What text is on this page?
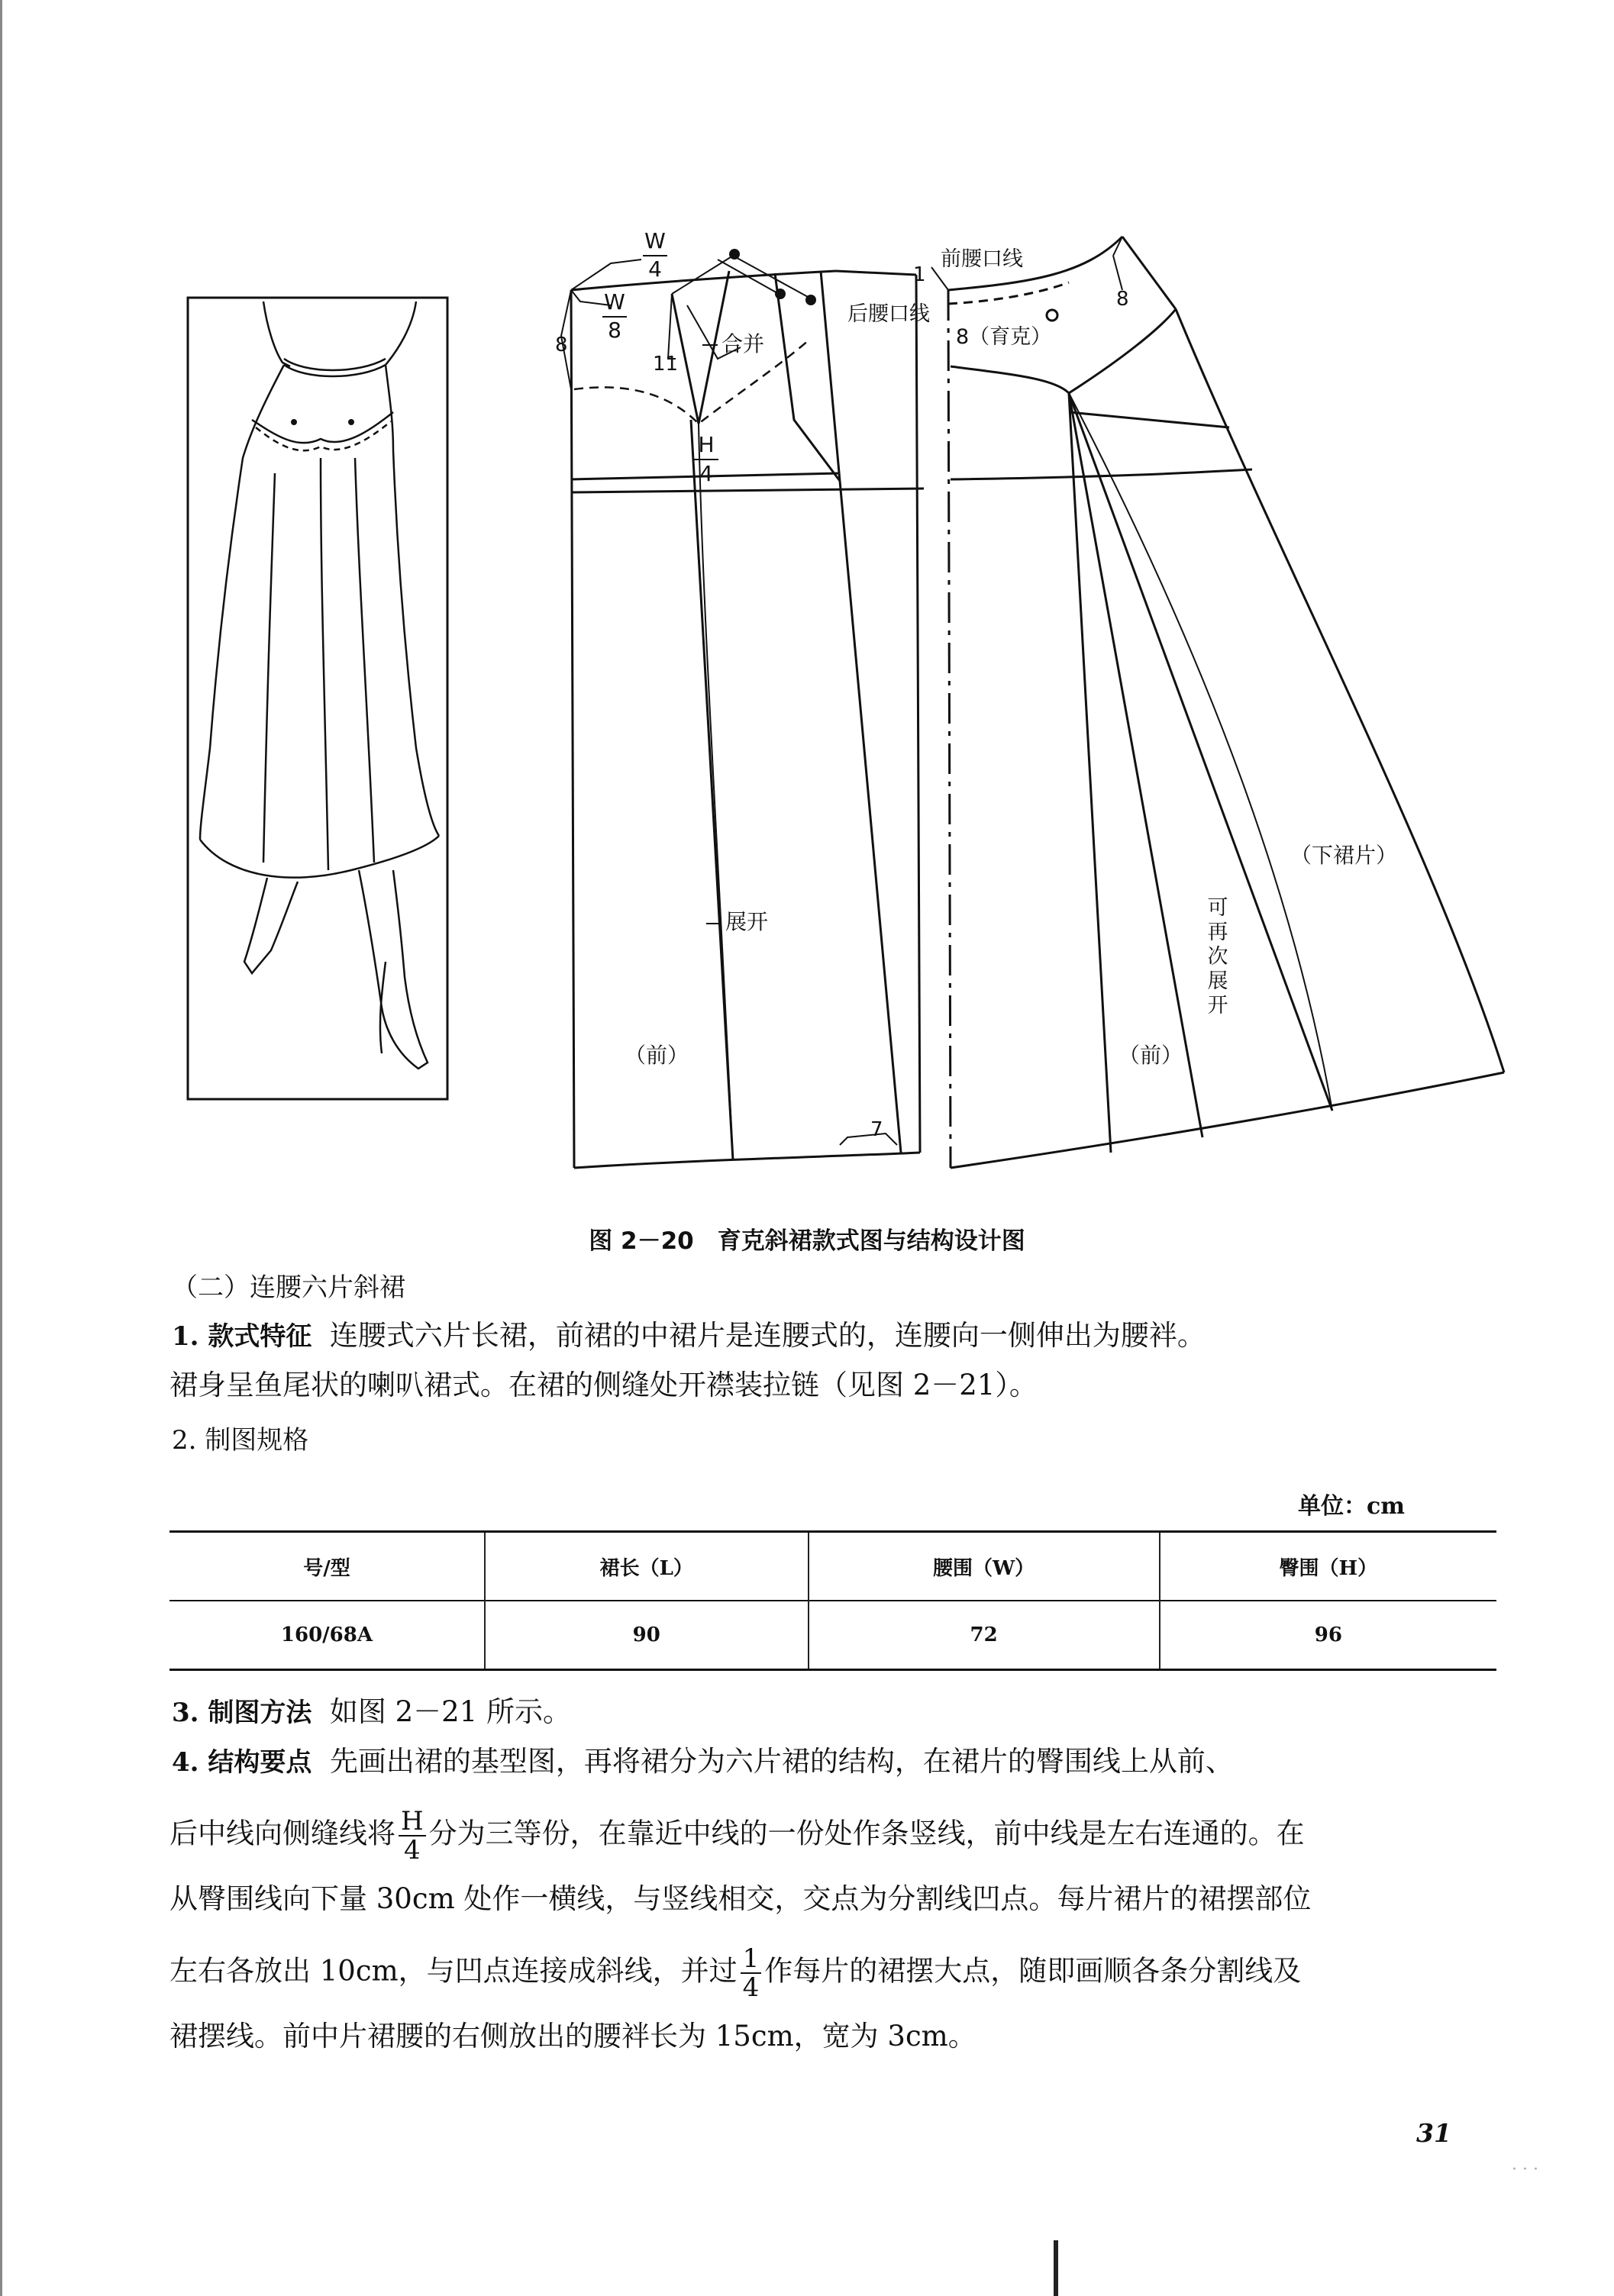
W
4
W
8
H
4
8
11
合并
展开
（前）
7
1
前腰口线
后腰口线
8（育克）
8
（下裙片）
可
再
次
展
开
（前）
图 2－20　育克斜裙款式图与结构设计图
（二）连腰六片斜裙
1. 款式特征 连腰式六片长裙，前裙的中裙片是连腰式的，连腰向一侧伸出为腰袢。
裙身呈鱼尾状的喇叭裙式。在裙的侧缝处开襟装拉链（见图 2－21）。
2. 制图规格
单位：cm
号/型	裙长（L）	腰围（W）	臀围（H）
160/68A	90	72	96
3. 制图方法 如图 2－21 所示。
4. 结构要点 先画出裙的基型图，再将裙分为六片裙的结构，在裙片的臀围线上从前、
后中线向侧缝线将 $\frac{H}{4}$ 分为三等份，在靠近中线的一份处作条竖线，前中线是左右连通的。在
从臀围线向下量 30cm 处作一横线，与竖线相交，交点为分割线凹点。每片裙片的裙摆部位
左右各放出 10cm，与凹点连接成斜线，并过 $\frac{1}{4}$ 作每片的裙摆大点，随即画顺各条分割线及
裙摆线。前中片裙腰的右侧放出的腰袢长为 15cm，宽为 3cm。
31
· · ·
